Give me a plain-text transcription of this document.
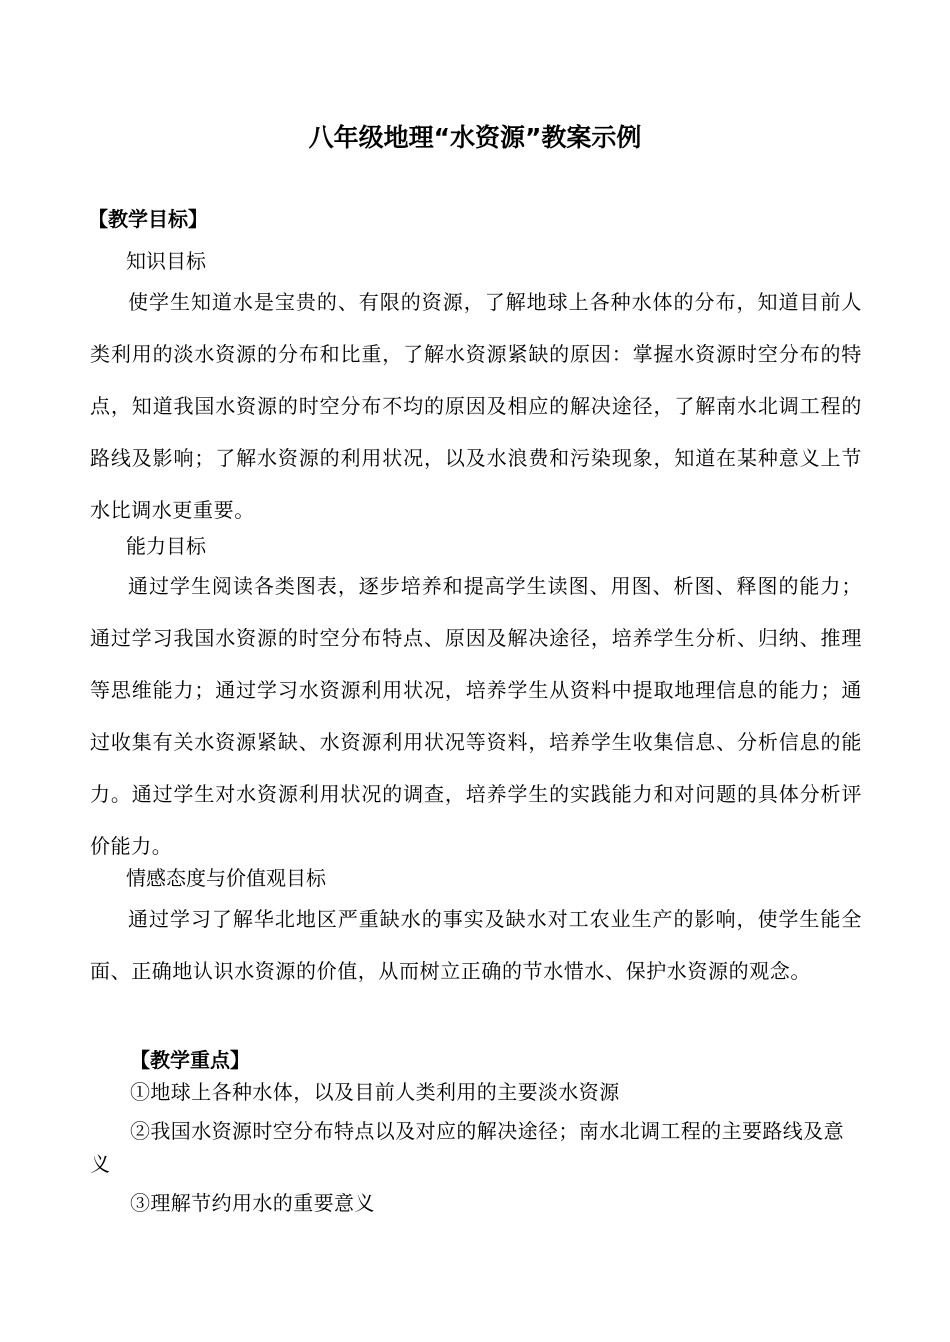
八年级地理“水资源”教案示例
【教学目标】
知识目标
使学生知道水是宝贵的、有限的资源，了解地球上各种水体的分布，知道目前人类利用的淡水资源的分布和比重，了解水资源紧缺的原因：掌握水资源时空分布的特点，知道我国水资源的时空分布不均的原因及相应的解决途径，了解南水北调工程的路线及影响；了解水资源的利用状况，以及水浪费和污染现象，知道在某种意义上节水比调水更重要。
能力目标
通过学生阅读各类图表，逐步培养和提高学生读图、用图、析图、释图的能力；通过学习我国水资源的时空分布特点、原因及解决途径，培养学生分析、归纳、推理等思维能力；通过学习水资源利用状况，培养学生从资料中提取地理信息的能力；通过收集有关水资源紧缺、水资源利用状况等资料，培养学生收集信息、分析信息的能力。通过学生对水资源利用状况的调查，培养学生的实践能力和对问题的具体分析评价能力。
情感态度与价值观目标
通过学习了解华北地区严重缺水的事实及缺水对工农业生产的影响，使学生能全面、正确地认识水资源的价值，从而树立正确的节水惜水、保护水资源的观念。
【教学重点】
①地球上各种水体，以及目前人类利用的主要淡水资源
②我国水资源时空分布特点以及对应的解决途径；南水北调工程的主要路线及意义
③理解节约用水的重要意义
